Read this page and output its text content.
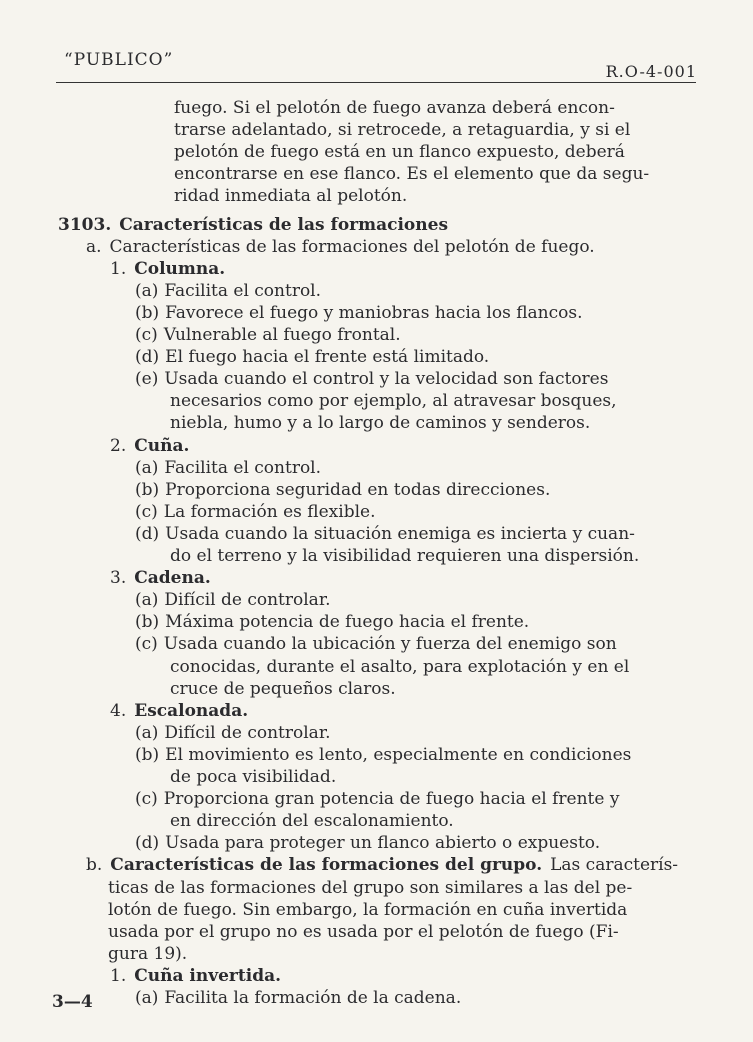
“PUBLICO”
R.O-4-001
fuego. Si el pelotón de fuego avanza deberá encon-
trarse adelantado, si retrocede, a retaguardia, y si el
pelotón de fuego está en un flanco expuesto, deberá
encontrarse en ese flanco. Es el elemento que da segu-
ridad inmediata al pelotón.
3103. Características de las formaciones
a. Características de las formaciones del pelotón de fuego.
1. Columna.
(a) Facilita el control.
(b) Favorece el fuego y maniobras hacia los flancos.
(c) Vulnerable al fuego frontal.
(d) El fuego hacia el frente está limitado.
(e) Usada cuando el control y la velocidad son factores
necesarios como por ejemplo, al atravesar bosques,
niebla, humo y a lo largo de caminos y senderos.
2. Cuña.
(a) Facilita el control.
(b) Proporciona seguridad en todas direcciones.
(c) La formación es flexible.
(d) Usada cuando la situación enemiga es incierta y cuan-
do el terreno y la visibilidad requieren una dispersión.
3. Cadena.
(a) Difícil de controlar.
(b) Máxima potencia de fuego hacia el frente.
(c) Usada cuando la ubicación y fuerza del enemigo son
conocidas, durante el asalto, para explotación y en el
cruce de pequeños claros.
4. Escalonada.
(a) Difícil de controlar.
(b) El movimiento es lento, especialmente en condiciones
de poca visibilidad.
(c) Proporciona gran potencia de fuego hacia el frente y
en dirección del escalonamiento.
(d) Usada para proteger un flanco abierto o expuesto.
b. Características de las formaciones del grupo. Las caracterís-
ticas de las formaciones del grupo son similares a las del pe-
lotón de fuego. Sin embargo, la formación en cuña invertida
usada por el grupo no es usada por el pelotón de fuego (Fi-
gura 19).
1. Cuña invertida.
(a) Facilita la formación de la cadena.
3—4
